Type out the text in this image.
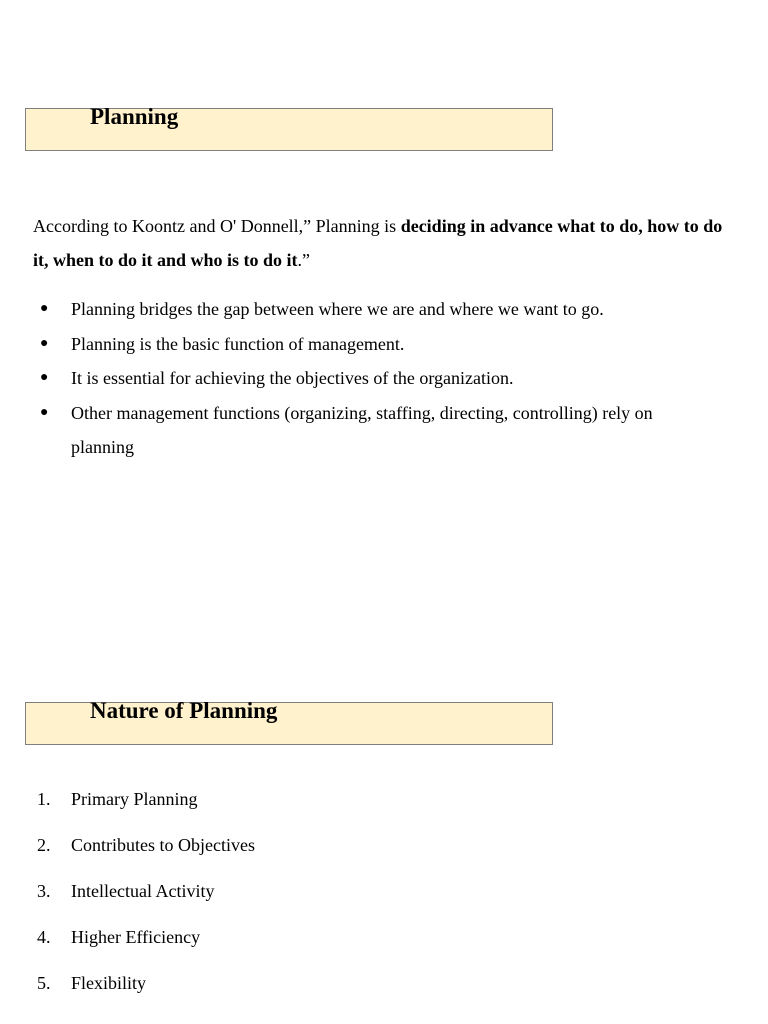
Planning

According to Koontz and O' Donnell,” Planning is deciding in advance what to do, how to do it, when to do it and who is to do it.”

● Planning bridges the gap between where we are and where we want to go.
● Planning is the basic function of management.
● It is essential for achieving the objectives of the organization.
● Other management functions (organizing, staffing, directing, controlling) rely on planning
Nature of Planning
1. Primary Planning
2. Contributes to Objectives
3. Intellectual Activity
4. Higher Efficiency
5. Flexibility
